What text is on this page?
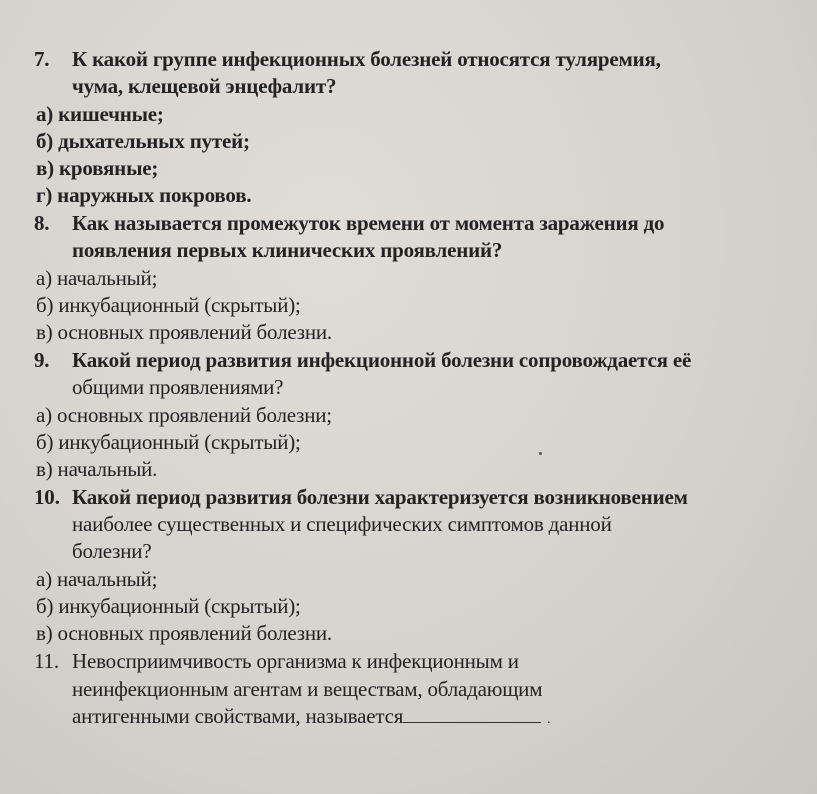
7. К какой группе инфекционных болезней относятся туляремия,
чума, клещевой энцефалит?
а) кишечные;
б) дыхательных путей;
в) кровяные;
г) наружных покровов.
8. Как называется промежуток времени от момента заражения до
появления первых клинических проявлений?
а) начальный;
б) инкубационный (скрытый);
в) основных проявлений болезни.
9. Какой период развития инфекционной болезни сопровождается её
общими проявлениями?
а) основных проявлений болезни;
б) инкубационный (скрытый);
в) начальный.
10. Какой период развития болезни характеризуется возникновением
наиболее существенных и специфических симптомов данной
болезни?
а) начальный;
б) инкубационный (скрытый);
в) основных проявлений болезни.
11. Невосприимчивость организма к инфекционным и
неинфекционным агентам и веществам, обладающим
антигенными свойствами, называется	.
